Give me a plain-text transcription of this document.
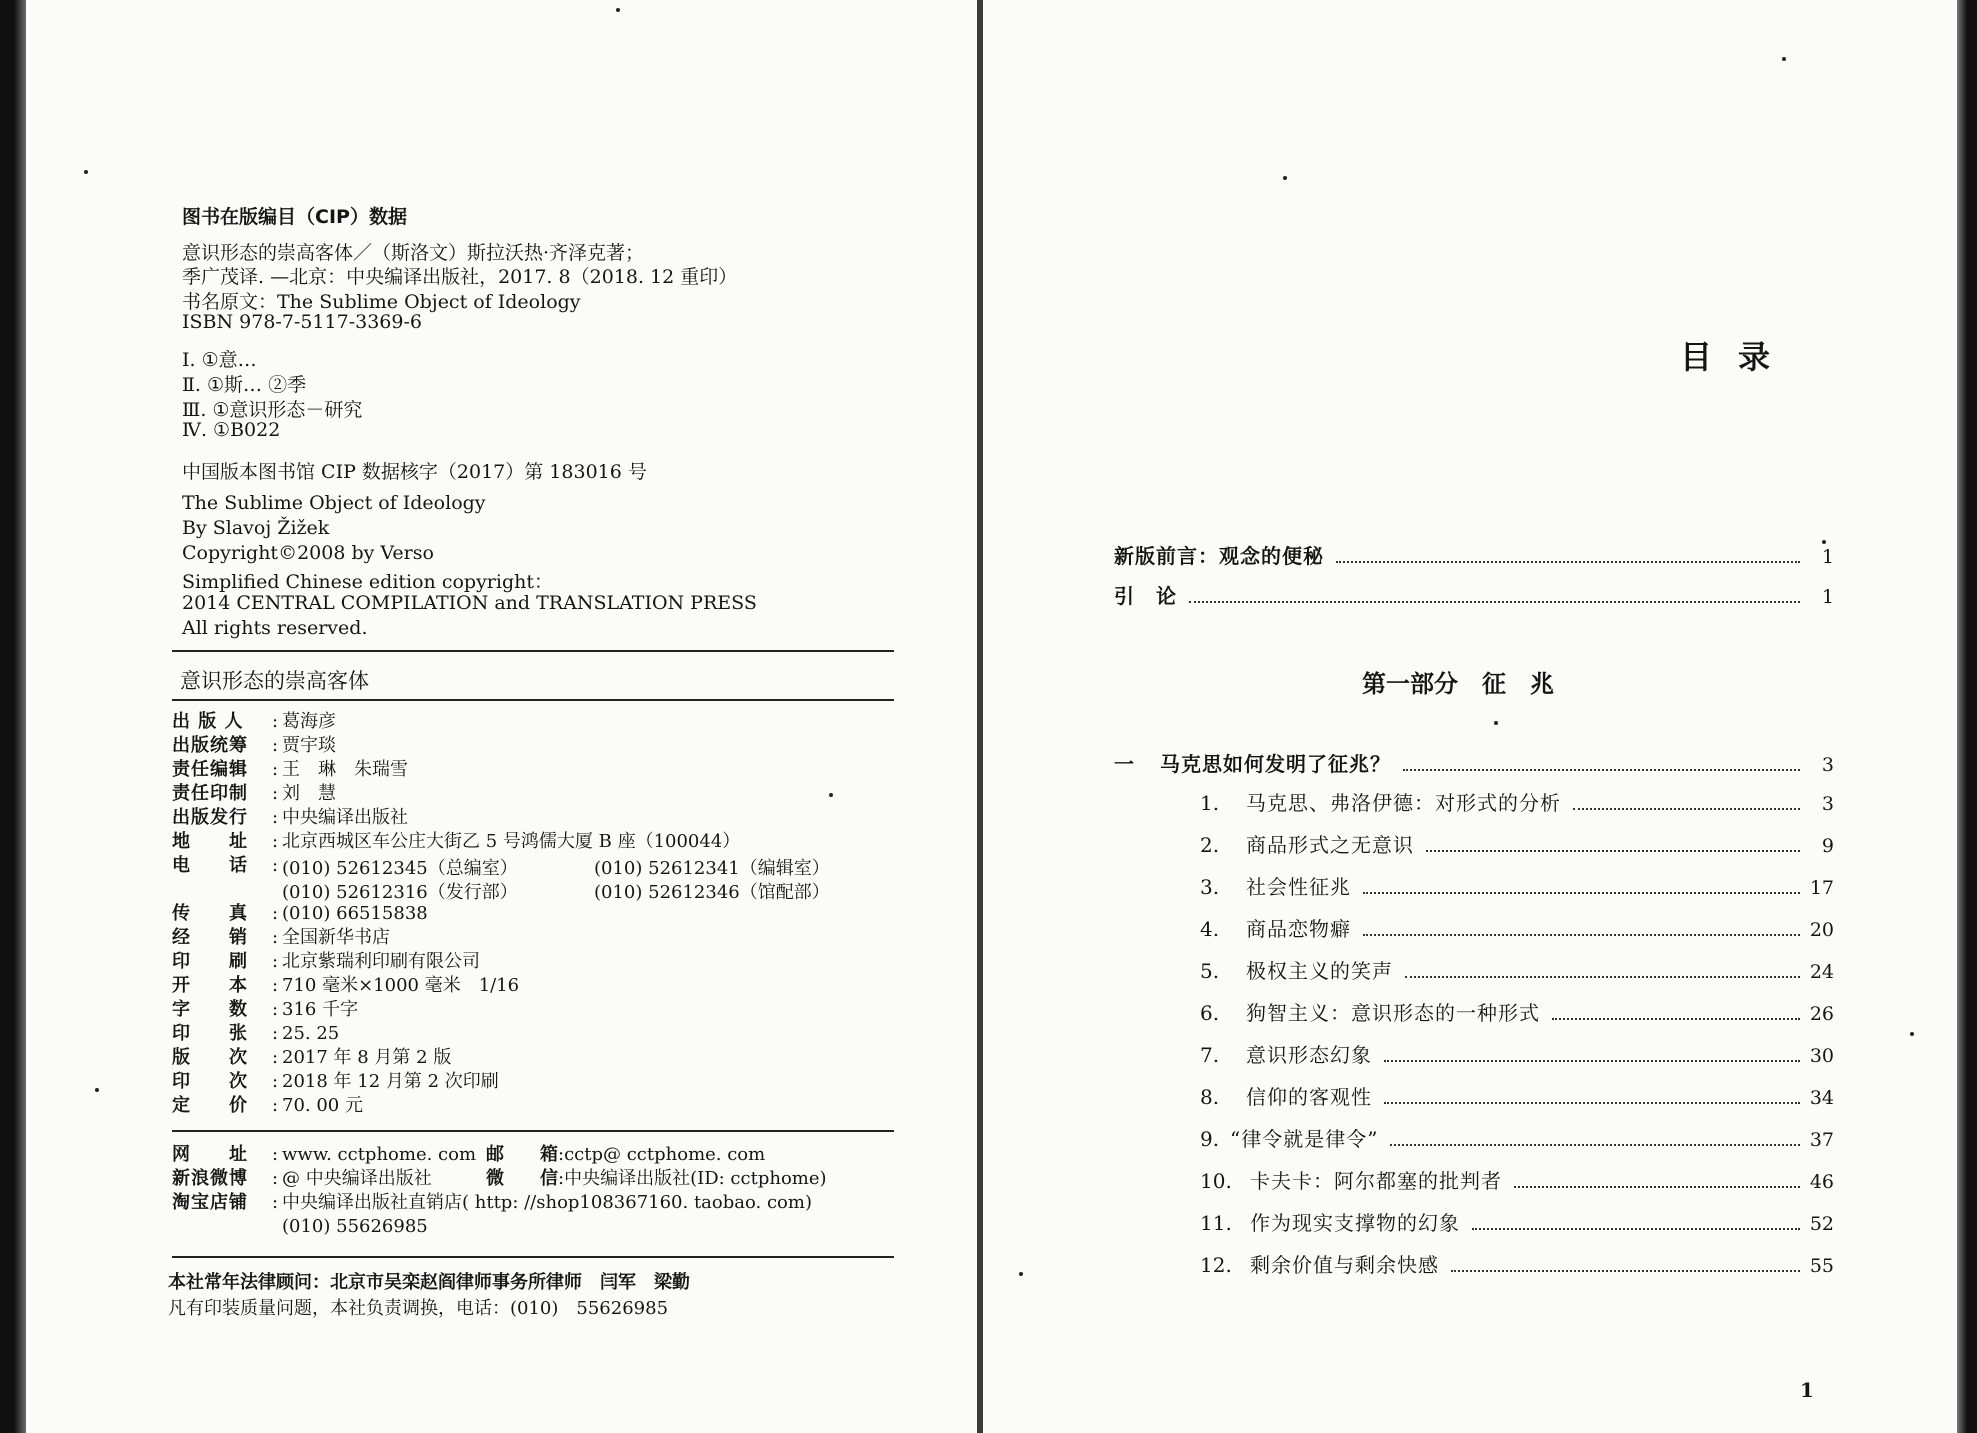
图书在版编目（CIP）数据
意识形态的崇高客体／（斯洛文）斯拉沃热·齐泽克著；
季广茂译. —北京：中央编译出版社，2017. 8（2018. 12 重印）
书名原文：The Sublime Object of Ideology
ISBN 978-7-5117-3369-6
Ⅰ. ①意…
Ⅱ. ①斯… ②季
Ⅲ. ①意识形态－研究
Ⅳ. ①B022
中国版本图书馆 CIP 数据核字（2017）第 183016 号
The Sublime Object of Ideology
By Slavoj Žižek
Copyright©2008 by Verso
Simplified Chinese edition copyright：
2014 CENTRAL COMPILATION and TRANSLATION PRESS
All rights reserved.
意识形态的崇高客体
出 版 人 : 葛海彦
出版统筹 : 贾宇琰
责任编辑 : 王　琳　朱瑞雪
责任印制 : 刘　慧
出版发行 : 中央编译出版社
地　　址 : 北京西城区车公庄大街乙 5 号鸿儒大厦 B 座（100044）
电　　话 : (010) 52612345（总编室）	(010) 52612341（编辑室）
(010) 52612316（发行部）	(010) 52612346（馆配部）
传　　真 : (010) 66515838
经　　销 : 全国新华书店
印　　刷 : 北京紫瑞利印刷有限公司
开　　本 : 710 毫米×1000 毫米　1/16
字　　数 : 316 千字
印　　张 : 25. 25
版　　次 : 2017 年 8 月第 2 版
印　　次 : 2018 年 12 月第 2 次印刷
定　　价 : 70. 00 元
网　　址 : www. cctphome. com 邮　　箱:cctp@ cctphome. com
新浪微博 : @ 中央编译出版社	微　　信:中央编译出版社(ID: cctphome)
淘宝店铺 : 中央编译出版社直销店( http: //shop108367160. taobao. com)
(010) 55626985
本社常年法律顾问：北京市吴栾赵阎律师事务所律师　闫军　梁勤
凡有印装质量问题，本社负责调换，电话：(010)　55626985
目录
新版前言：观念的便秘	1
引　论	1
第一部分　征　兆
一	马克思如何发明了征兆？	3
1.	马克思、弗洛伊德：对形式的分析	3
2.	商品形式之无意识	9
3.	社会性征兆	17
4.	商品恋物癖	20
5.	极权主义的笑声	24
6.	狗智主义：意识形态的一种形式	26
7.	意识形态幻象	30
8.	信仰的客观性	34
9. “律令就是律令”	37
10. 卡夫卡：阿尔都塞的批判者	46
11. 作为现实支撑物的幻象	52
12. 剩余价值与剩余快感	55
1
